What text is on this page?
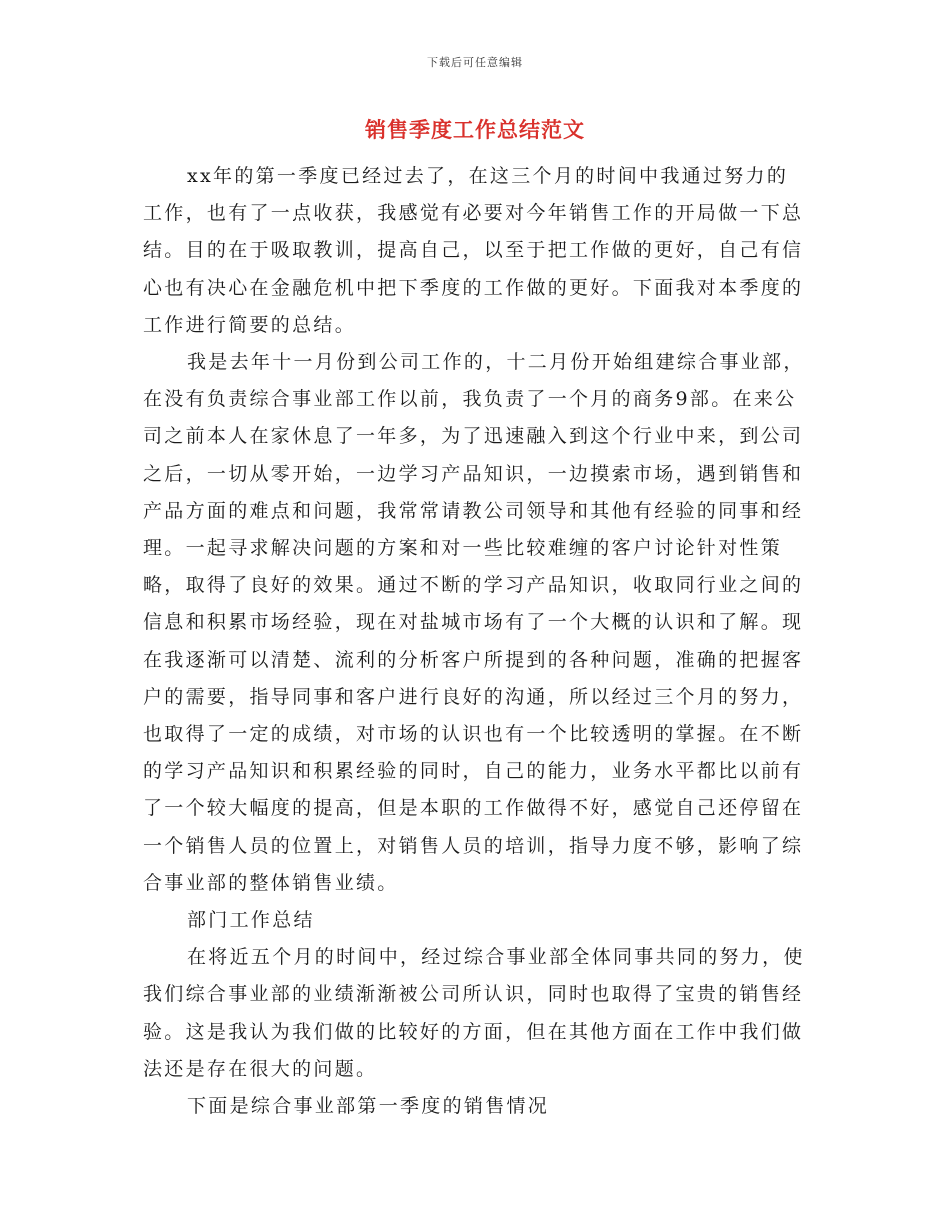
下载后可任意编辑
销售季度工作总结范文

xx年的第一季度已经过去了，在这三个月的时间中我通过努力的工作，也有了一点收获，我感觉有必要对今年销售工作的开局做一下总结。目的在于吸取教训，提高自己，以至于把工作做的更好，自己有信心也有决心在金融危机中把下季度的工作做的更好。下面我对本季度的工作进行简要的总结。

我是去年十一月份到公司工作的，十二月份开始组建综合事业部，在没有负责综合事业部工作以前，我负责了一个月的商务9部。在来公司之前本人在家休息了一年多，为了迅速融入到这个行业中来，到公司之后，一切从零开始，一边学习产品知识，一边摸索市场，遇到销售和产品方面的难点和问题，我常常请教公司领导和其他有经验的同事和经理。一起寻求解决问题的方案和对一些比较难缠的客户讨论针对性策略，取得了良好的效果。通过不断的学习产品知识，收取同行业之间的信息和积累市场经验，现在对盐城市场有了一个大概的认识和了解。现在我逐渐可以清楚、流利的分析客户所提到的各种问题，准确的把握客户的需要，指导同事和客户进行良好的沟通，所以经过三个月的努力，也取得了一定的成绩，对市场的认识也有一个比较透明的掌握。在不断的学习产品知识和积累经验的同时，自己的能力，业务水平都比以前有了一个较大幅度的提高，但是本职的工作做得不好，感觉自己还停留在一个销售人员的位置上，对销售人员的培训，指导力度不够，影响了综合事业部的整体销售业绩。

部门工作总结

在将近五个月的时间中，经过综合事业部全体同事共同的努力，使我们综合事业部的业绩渐渐被公司所认识，同时也取得了宝贵的销售经验。这是我认为我们做的比较好的方面，但在其他方面在工作中我们做法还是存在很大的问题。

下面是综合事业部第一季度的销售情况
